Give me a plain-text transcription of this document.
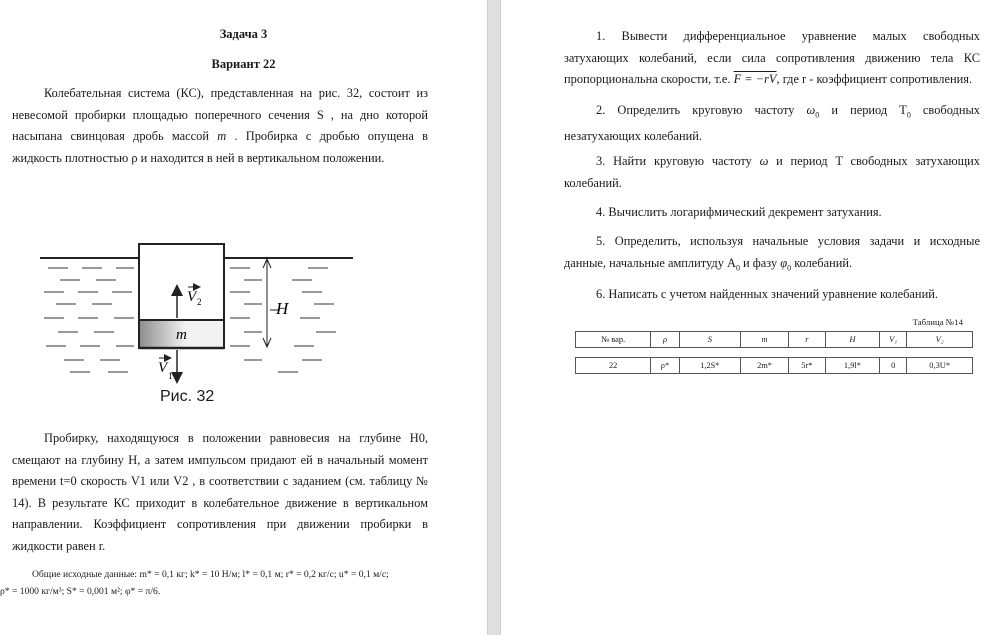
Задача 3
Вариант 22

Колебательная система (КС), представленная на рис. 32, состоит из невесомой пробирки площадью поперечного сечения S , на дно которой насыпана свинцовая дробь массой m . Пробирка с дробью опущена в жидкость плотностью ρ и находится в ней в вертикальном положении.

m
V 2
V 1
H
Рис. 32

Пробирку, находящуюся в положении равновесия на глубине H0, смещают на глубину H, а затем импульсом придают ей в начальный момент времени t=0 скорость V1 или V2 , в соответствии с заданием (см. таблицу № 14). В результате КС приходит в колебательное движение в вертикальном направлении. Коэффициент сопротивления при движении пробирки в жидкости равен r.

Общие исходные данные: m* = 0,1 кг; k* = 10 Н/м; l* = 0,1 м; r* = 0,2 кг/с; u* = 0,1 м/с;
ρ* = 1000 кг/м³; S* = 0,001 м²; φ* = π/6.

1. Вывести дифференциальное уравнение малых свободных затухающих колебаний, если сила сопротивления движению тела КС пропорциональна скорости, т.е. F = −rV, где r - коэффициент сопротивления.

2. Определить круговую частоту $\omega_0$ и период $T_0$ свободных незатухающих колебаний.

3. Найти круговую частоту ω и период T свободных затухающих колебаний.

4. Вычислить логарифмический декремент затухания.

5. Определить, используя начальные условия задачи и исходные данные, начальные амплитуду $A_0$ и фазу $\varphi_0$ колебаний.

6. Написать с учетом найденных значений уравнение колебаний.

Таблица №14
№ вар.	ρ	S	m	r	H	V₁	V₂

22	ρ*	1,2S*	2m*	5r*	1,9l*	0	0,3U*
